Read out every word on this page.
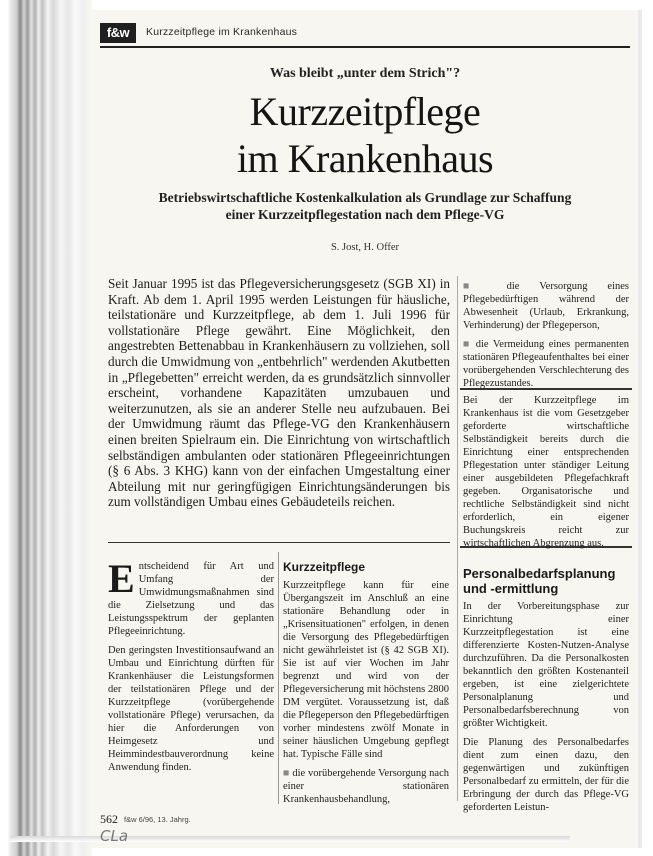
f&w	Kurzzeitpflege im Krankenhaus
Was bleibt „unter dem Strich"?
Kurzzeitpflege
im Krankenhaus
Betriebswirtschaftliche Kostenkalkulation als Grundlage zur Schaffung
einer Kurzzeitpflegestation nach dem Pflege-VG
S. Jost, H. Offer

Seit Januar 1995 ist das Pflegeversicherungsgesetz (SGB XI) in Kraft. Ab dem 1. April 1995 werden Leistungen für häusliche, teilstationäre und Kurzzeitpflege, ab dem 1. Juli 1996 für vollstationäre Pflege gewährt. Eine Möglichkeit, den angestrebten Bettenabbau in Krankenhäusern zu vollziehen, soll durch die Umwidmung von „entbehrlich" werdenden Akutbetten in „Pflegebetten" erreicht werden, da es grundsätzlich sinnvoller erscheint, vorhandene Kapazitäten umzubauen und weiterzunutzen, als sie an anderer Stelle neu aufzubauen. Bei der Umwidmung räumt das Pflege-VG den Krankenhäusern einen breiten Spielraum ein. Die Einrichtung von wirtschaftlich selbständigen ambulanten oder stationären Pflegeeinrichtungen (§ 6 Abs. 3 KHG) kann von der einfachen Umgestaltung einer Abteilung mit nur geringfügigen Einrichtungsänderungen bis zum vollständigen Umbau eines Gebäudeteils reichen.

Entscheidend für Art und Umfang der Umwidmungsmaßnahmen sind die Zielsetzung und das Leistungsspektrum der geplanten Pflegeeinrichtung.

Den geringsten Investitionsaufwand an Umbau und Einrichtung dürften für Krankenhäuser die Leistungsformen der teilstationären Pflege und der Kurzzeitpflege (vorübergehende vollstationäre Pflege) verursachen, da hier die Anforderungen von Heimgesetz und Heimmindestbauverordnung keine Anwendung finden.

Kurzzeitpflege

Kurzzeitpflege kann für eine Übergangszeit im Anschluß an eine stationäre Behandlung oder in „Krisensituationen" erfolgen, in denen die Versorgung des Pflegebedürftigen nicht gewährleistet ist (§ 42 SGB XI). Sie ist auf vier Wochen im Jahr begrenzt und wird von der Pflegeversicherung mit höchstens 2800 DM vergütet. Voraussetzung ist, daß die Pflegeperson den Pflegebedürftigen vorher mindestens zwölf Monate in seiner häuslichen Umgebung gepflegt hat. Typische Fälle sind

■ die vorübergehende Versorgung nach einer stationären Krankenhausbehandlung,

■ die Versorgung eines Pflegebedürftigen während der Abwesenheit (Urlaub, Erkrankung, Verhinderung) der Pflegeperson,

■ die Vermeidung eines permanenten stationären Pflegeaufenthaltes bei einer vorübergehenden Verschlechterung des Pflegezustandes.

Bei der Kurzzeitpflege im Krankenhaus ist die vom Gesetzgeber geforderte wirtschaftliche Selbständigkeit bereits durch die Einrichtung einer entsprechenden Pflegestation unter ständiger Leitung einer ausgebildeten Pflegefachkraft gegeben. Organisatorische und rechtliche Selbständigkeit sind nicht erforderlich, ein eigener Buchungskreis reicht zur wirtschaftlichen Abgrenzung aus.

Personalbedarfsplanung und -ermittlung

In der Vorbereitungsphase zur Einrichtung einer Kurzzeitpflegestation ist eine differenzierte Kosten-Nutzen-Analyse durchzuführen. Da die Personalkosten bekanntlich den größten Kostenanteil ergeben, ist eine zielgerichtete Personalplanung und Personalbedarfsberechnung von größter Wichtigkeit.

Die Planung des Personalbedarfes dient zum einen dazu, den gegenwärtigen und zukünftigen Personalbedarf zu ermitteln, der für die Erbringung der durch das Pflege-VG geforderten Leistun-

562 f&w 6/96, 13. Jahrg.
CLa
